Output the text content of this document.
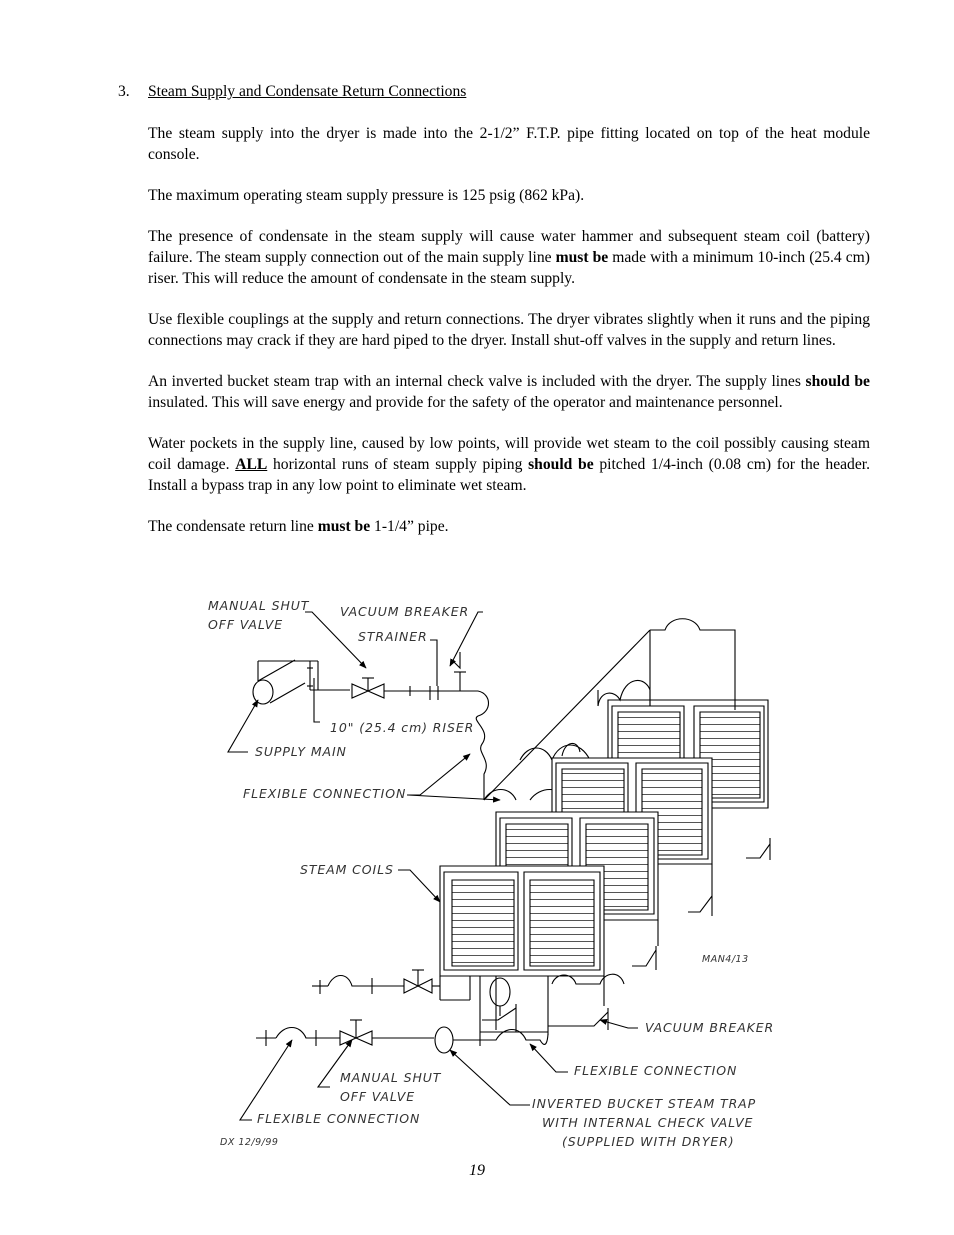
3. Steam Supply and Condensate Return Connections

The steam supply into the dryer is made into the 2-1/2” F.T.P. pipe fitting located on top of the heat module console.

The maximum operating steam supply pressure is 125 psig (862 kPa).

The presence of condensate in the steam supply will cause water hammer and subsequent steam coil (battery) failure. The steam supply connection out of the main supply line must be made with a minimum 10-inch (25.4 cm) riser. This will reduce the amount of condensate in the steam supply.

Use flexible couplings at the supply and return connections. The dryer vibrates slightly when it runs and the piping connections may crack if they are hard piped to the dryer. Install shut-off valves in the supply and return lines.

An inverted bucket steam trap with an internal check valve is included with the dryer. The supply lines should be insulated. This will save energy and provide for the safety of the operator and maintenance personnel.

Water pockets in the supply line, caused by low points, will provide wet steam to the coil possibly causing steam coil damage. ALL horizontal runs of steam supply piping should be pitched 1/4-inch (0.08 cm) for the header. Install a bypass trap in any low point to eliminate wet steam.

The condensate return line must be 1-1/4” pipe.

MANUAL SHUT
OFF VALVE
VACUUM BREAKER
STRAINER
10" (25.4 cm) RISER
SUPPLY MAIN
FLEXIBLE CONNECTION
STEAM COILS
MAN4/13
VACUUM BREAKER
FLEXIBLE CONNECTION
MANUAL SHUT
OFF VALVE
FLEXIBLE CONNECTION
INVERTED BUCKET STEAM TRAP
WITH INTERNAL CHECK VALVE
(SUPPLIED WITH DRYER)
DX 12/9/99
19
